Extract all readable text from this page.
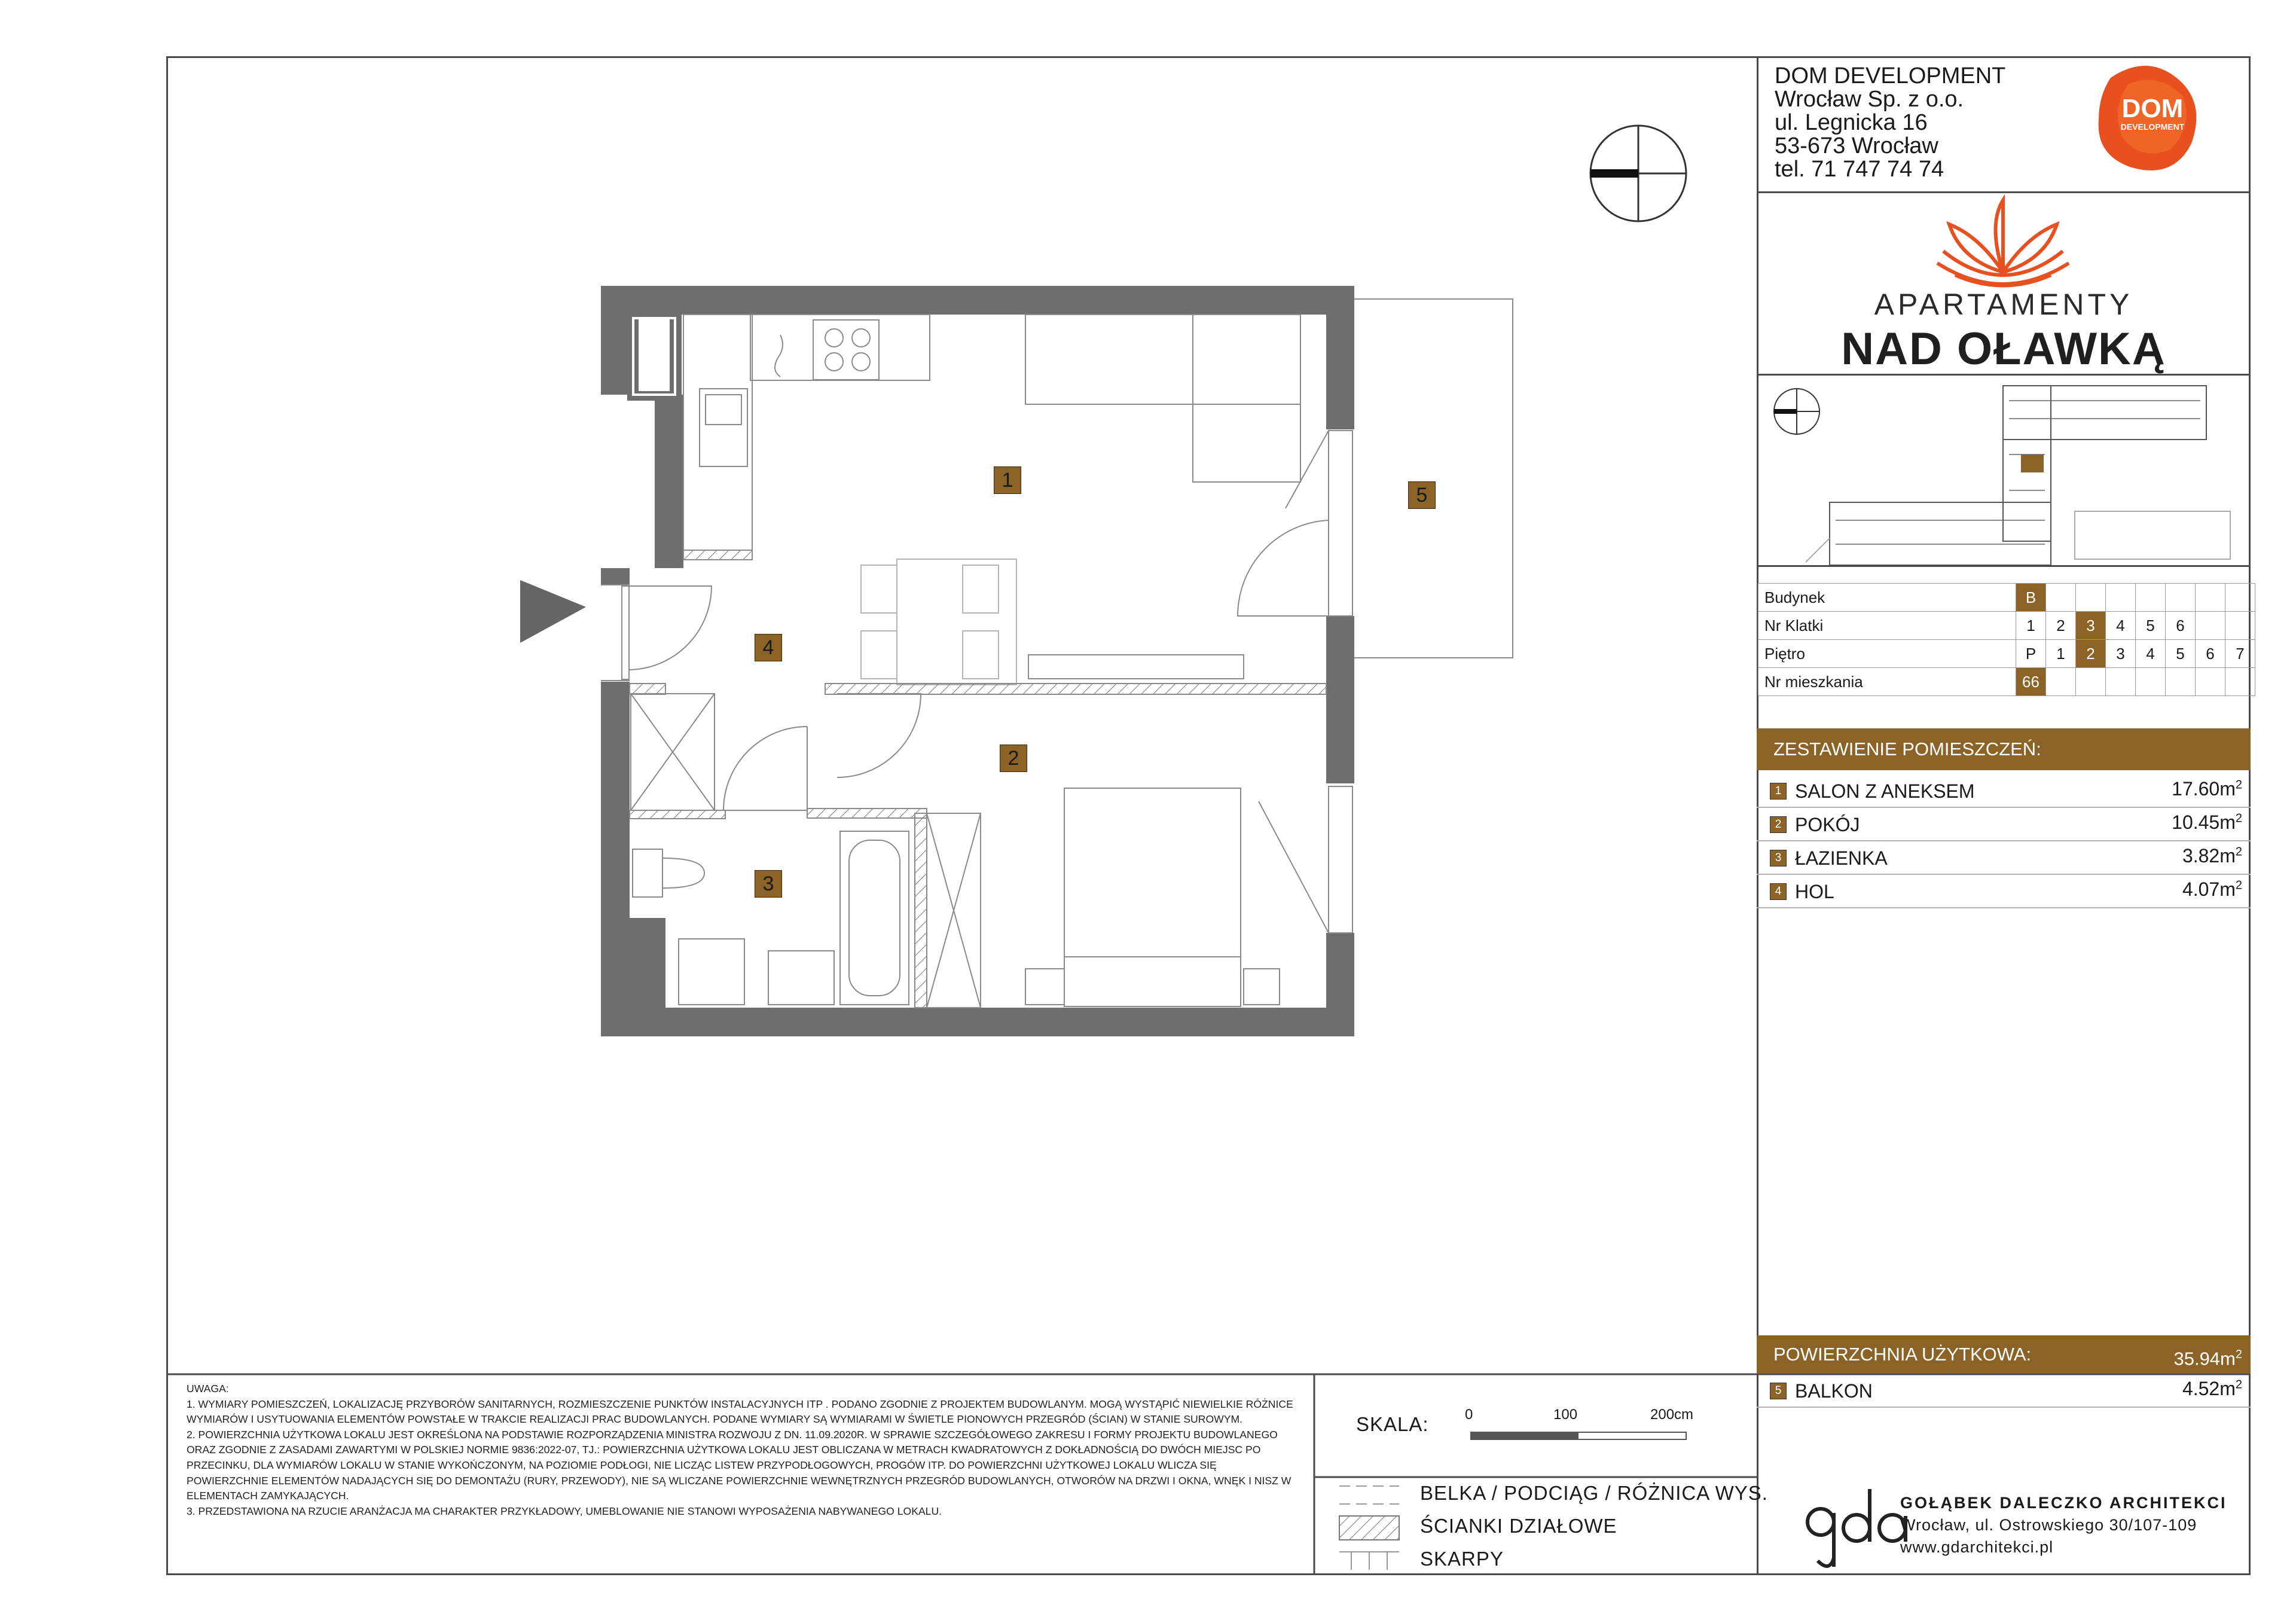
1
2
3
4
5
DOM DEVELOPMENT
Wrocław Sp. z o.o.
ul. Legnicka 16
53-673 Wrocław
tel. 71 747 74 74
DOM
DEVELOPMENT
APARTAMENTY
NAD OŁAWKĄ
Budynek	B							
Nr Klatki	1	2	3	4	5	6		
Piętro	P	1	2	3	4	5	6	7
Nr mieszkania	66							
ZESTAWIENIE POMIESZCZEŃ:
1 SALON Z ANEKSEM	$17.60m^2$
2 POKÓJ	$10.45m^2$
3 ŁAZIENKA	$3.82m^2$
4 HOL	$4.07m^2$
POWIERZCHNIA UŻYTKOWA:	$35.94m^2$
5 BALKON	$4.52m^2$

UWAGA:

1. WYMIARY POMIESZCZEŃ, LOKALIZACJĘ PRZYBORÓW SANITARNYCH, ROZMIESZCZENIE PUNKTÓW INSTALACYJNYCH ITP . PODANO ZGODNIE Z PROJEKTEM BUDOWLANYM. MOGĄ WYSTĄPIĆ NIEWIELKIE RÓŻNICE WYMIARÓW I USYTUOWANIA ELEMENTÓW POWSTAŁE W TRAKCIE REALIZACJI PRAC BUDOWLANYCH. PODANE WYMIARY SĄ WYMIARAMI W ŚWIETLE PIONOWYCH PRZEGRÓD (ŚCIAN) W STANIE SUROWYM.

2. POWIERZCHNIA UŻYTKOWA LOKALU JEST OKREŚLONA NA PODSTAWIE ROZPORZĄDZENIA MINISTRA ROZWOJU Z DN. 11.09.2020R. W SPRAWIE SZCZEGÓŁOWEGO ZAKRESU I FORMY PROJEKTU BUDOWLANEGO ORAZ ZGODNIE Z ZASADAMI ZAWARTYMI W POLSKIEJ NORMIE 9836:2022-07, TJ.: POWIERZCHNIA UŻYTKOWA LOKALU JEST OBLICZANA W METRACH KWADRATOWYCH Z DOKŁADNOŚCIĄ DO DWÓCH MIEJSC PO PRZECINKU, DLA WYMIARÓW LOKALU W STANIE WYKOŃCZONYM, NA POZIOMIE PODŁOGI, NIE LICZĄC LISTEW PRZYPODŁOGOWYCH, PROGÓW ITP. DO POWIERZCHNI UŻYTKOWEJ LOKALU WLICZA SIĘ POWIERZCHNIE ELEMENTÓW NADAJĄCYCH SIĘ DO DEMONTAŻU (RURY, PRZEWODY), NIE SĄ WLICZANE POWIERZCHNIE WEWNĘTRZNYCH PRZEGRÓD BUDOWLANYCH, OTWORÓW NA DRZWI I OKNA, WNĘK I NISZ W ELEMENTACH ZAMYKAJĄCYCH.

3. PRZEDSTAWIONA NA RZUCIE ARANŻACJA MA CHARAKTER PRZYKŁADOWY, UMEBLOWANIE NIE STANOWI WYPOSAŻENIA NABYWANEGO LOKALU.

SKALA:	0	100	200cm
BELKA / PODCIĄG / RÓŻNICA WYS.
ŚCIANKI DZIAŁOWE
SKARPY
GOŁĄBEK DALECZKO ARCHITEKCI
Wrocław, ul. Ostrowskiego 30/107-109
www.gdarchitekci.pl
